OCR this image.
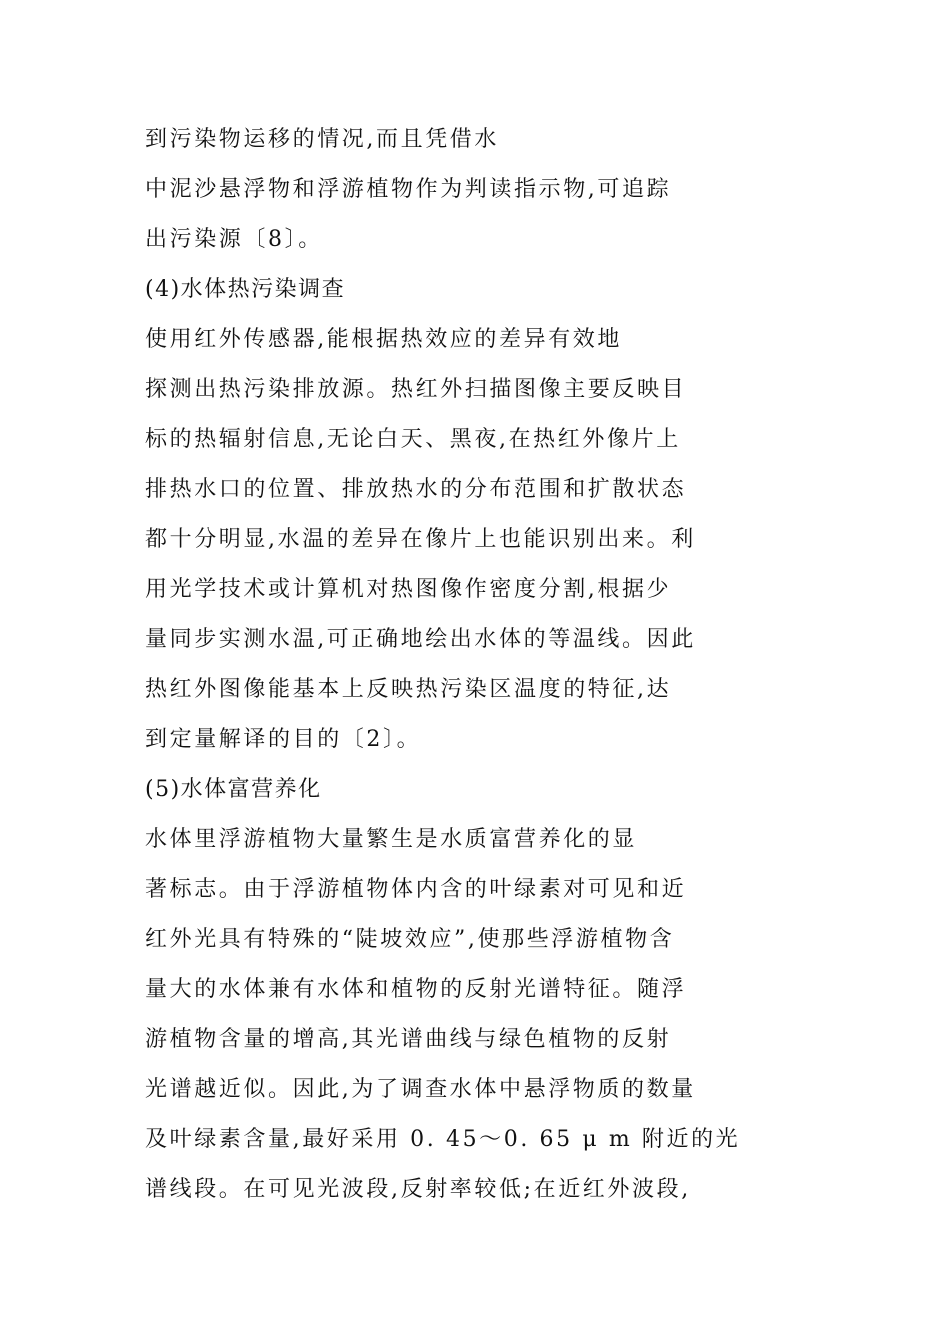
到污染物运移的情况,而且凭借水
中泥沙悬浮物和浮游植物作为判读指示物,可追踪
出污染源〔8〕。
(4)水体热污染调查
使用红外传感器,能根据热效应的差异有效地
探测出热污染排放源。热红外扫描图像主要反映目
标的热辐射信息,无论白天、黑夜,在热红外像片上
排热水口的位置、排放热水的分布范围和扩散状态
都十分明显,水温的差异在像片上也能识别出来。利
用光学技术或计算机对热图像作密度分割,根据少
量同步实测水温,可正确地绘出水体的等温线。因此
热红外图像能基本上反映热污染区温度的特征,达
到定量解译的目的〔2〕。
(5)水体富营养化
水体里浮游植物大量繁生是水质富营养化的显
著标志。由于浮游植物体内含的叶绿素对可见和近
红外光具有特殊的“陡坡效应”,使那些浮游植物含
量大的水体兼有水体和植物的反射光谱特征。随浮
游植物含量的增高,其光谱曲线与绿色植物的反射
光谱越近似。因此,为了调查水体中悬浮物质的数量
及叶绿素含量,最好采用 0. 45～0. 65 μ m 附近的光
谱线段。在可见光波段,反射率较低;在近红外波段,
